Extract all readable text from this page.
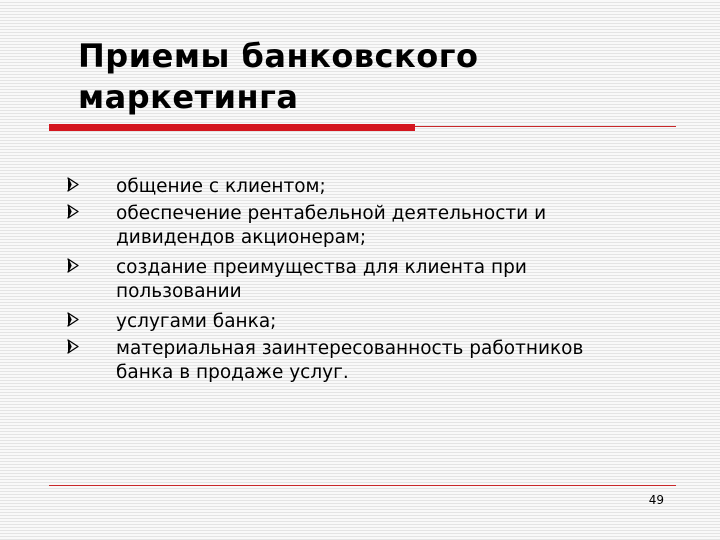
Приемы банковского
маркетинга
общение с клиентом;
обеспечение рентабельной деятельности и
дивидендов акционерам;
создание преимущества для клиента при
пользовании
услугами банка;
материальная заинтересованность работников
банка в продаже услуг.
49
